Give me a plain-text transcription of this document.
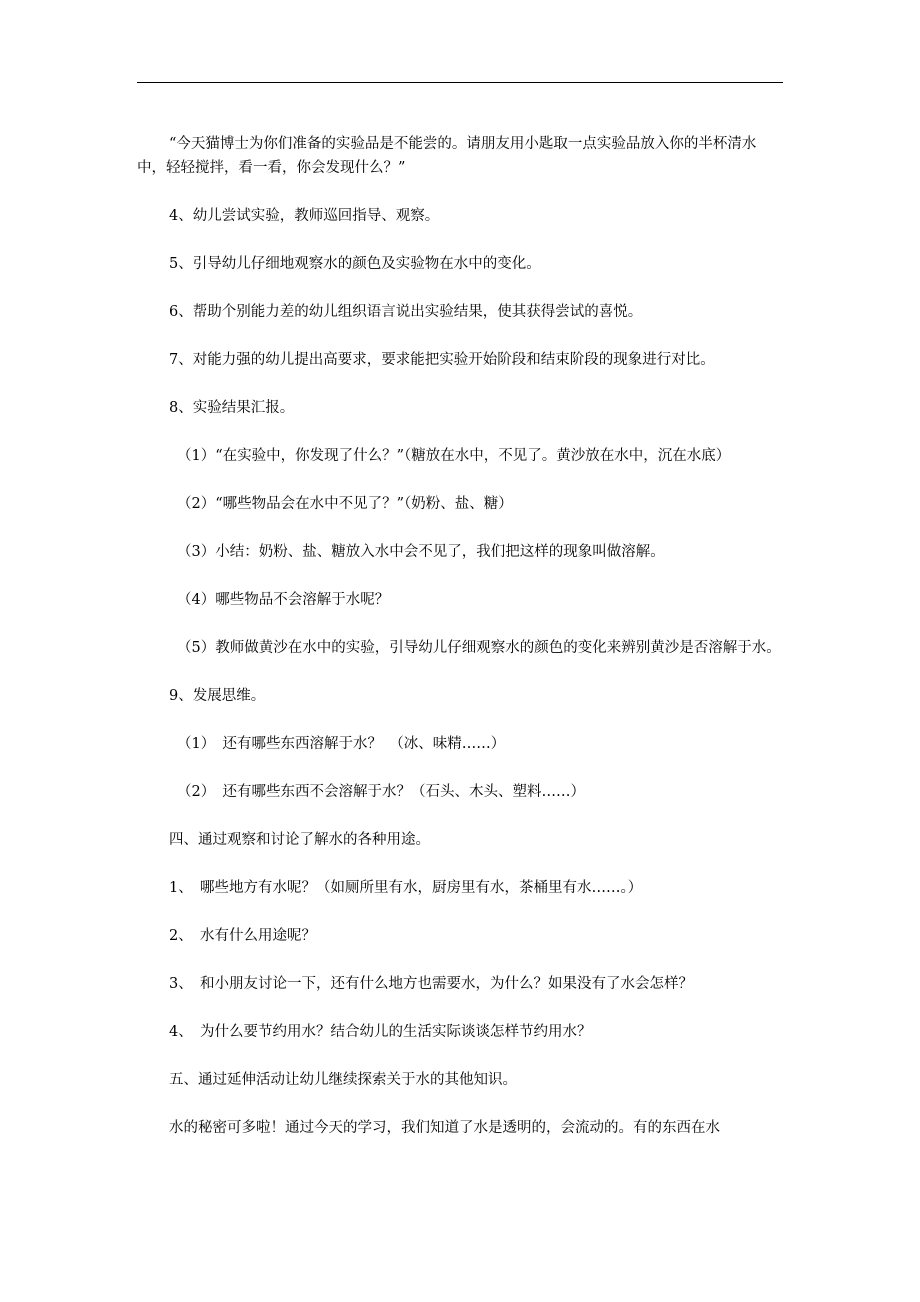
“今天猫博士为你们准备的实验品是不能尝的。请朋友用小匙取一点实验品放入你的半杯清水中，轻轻搅拌，看一看，你会发现什么？”

4、幼儿尝试实验，教师巡回指导、观察。

5、引导幼儿仔细地观察水的颜色及实验物在水中的变化。

6、帮助个别能力差的幼儿组织语言说出实验结果，使其获得尝试的喜悦。

7、对能力强的幼儿提出高要求，要求能把实验开始阶段和结束阶段的现象进行对比。

8、实验结果汇报。

（1）“在实验中，你发现了什么？”（糖放在水中，不见了。黄沙放在水中，沉在水底）

（2）“哪些物品会在水中不见了？”（奶粉、盐、糖）

（3）小结：奶粉、盐、糖放入水中会不见了，我们把这样的现象叫做溶解。

（4）哪些物品不会溶解于水呢？

（5）教师做黄沙在水中的实验，引导幼儿仔细观察水的颜色的变化来辨别黄沙是否溶解于水。

9、发展思维。

（1）　还有哪些东西溶解于水？　（冰、味精……）

（2）　还有哪些东西不会溶解于水？（石头、木头、塑料……）

四、通过观察和讨论了解水的各种用途。

1、　哪些地方有水呢？（如厕所里有水，厨房里有水，茶桶里有水……。）

2、　水有什么用途呢？

3、　和小朋友讨论一下，还有什么地方也需要水，为什么？如果没有了水会怎样？

4、　为什么要节约用水？结合幼儿的生活实际谈谈怎样节约用水？

五、通过延伸活动让幼儿继续探索关于水的其他知识。

水的秘密可多啦！通过今天的学习，我们知道了水是透明的，会流动的。有的东西在水
